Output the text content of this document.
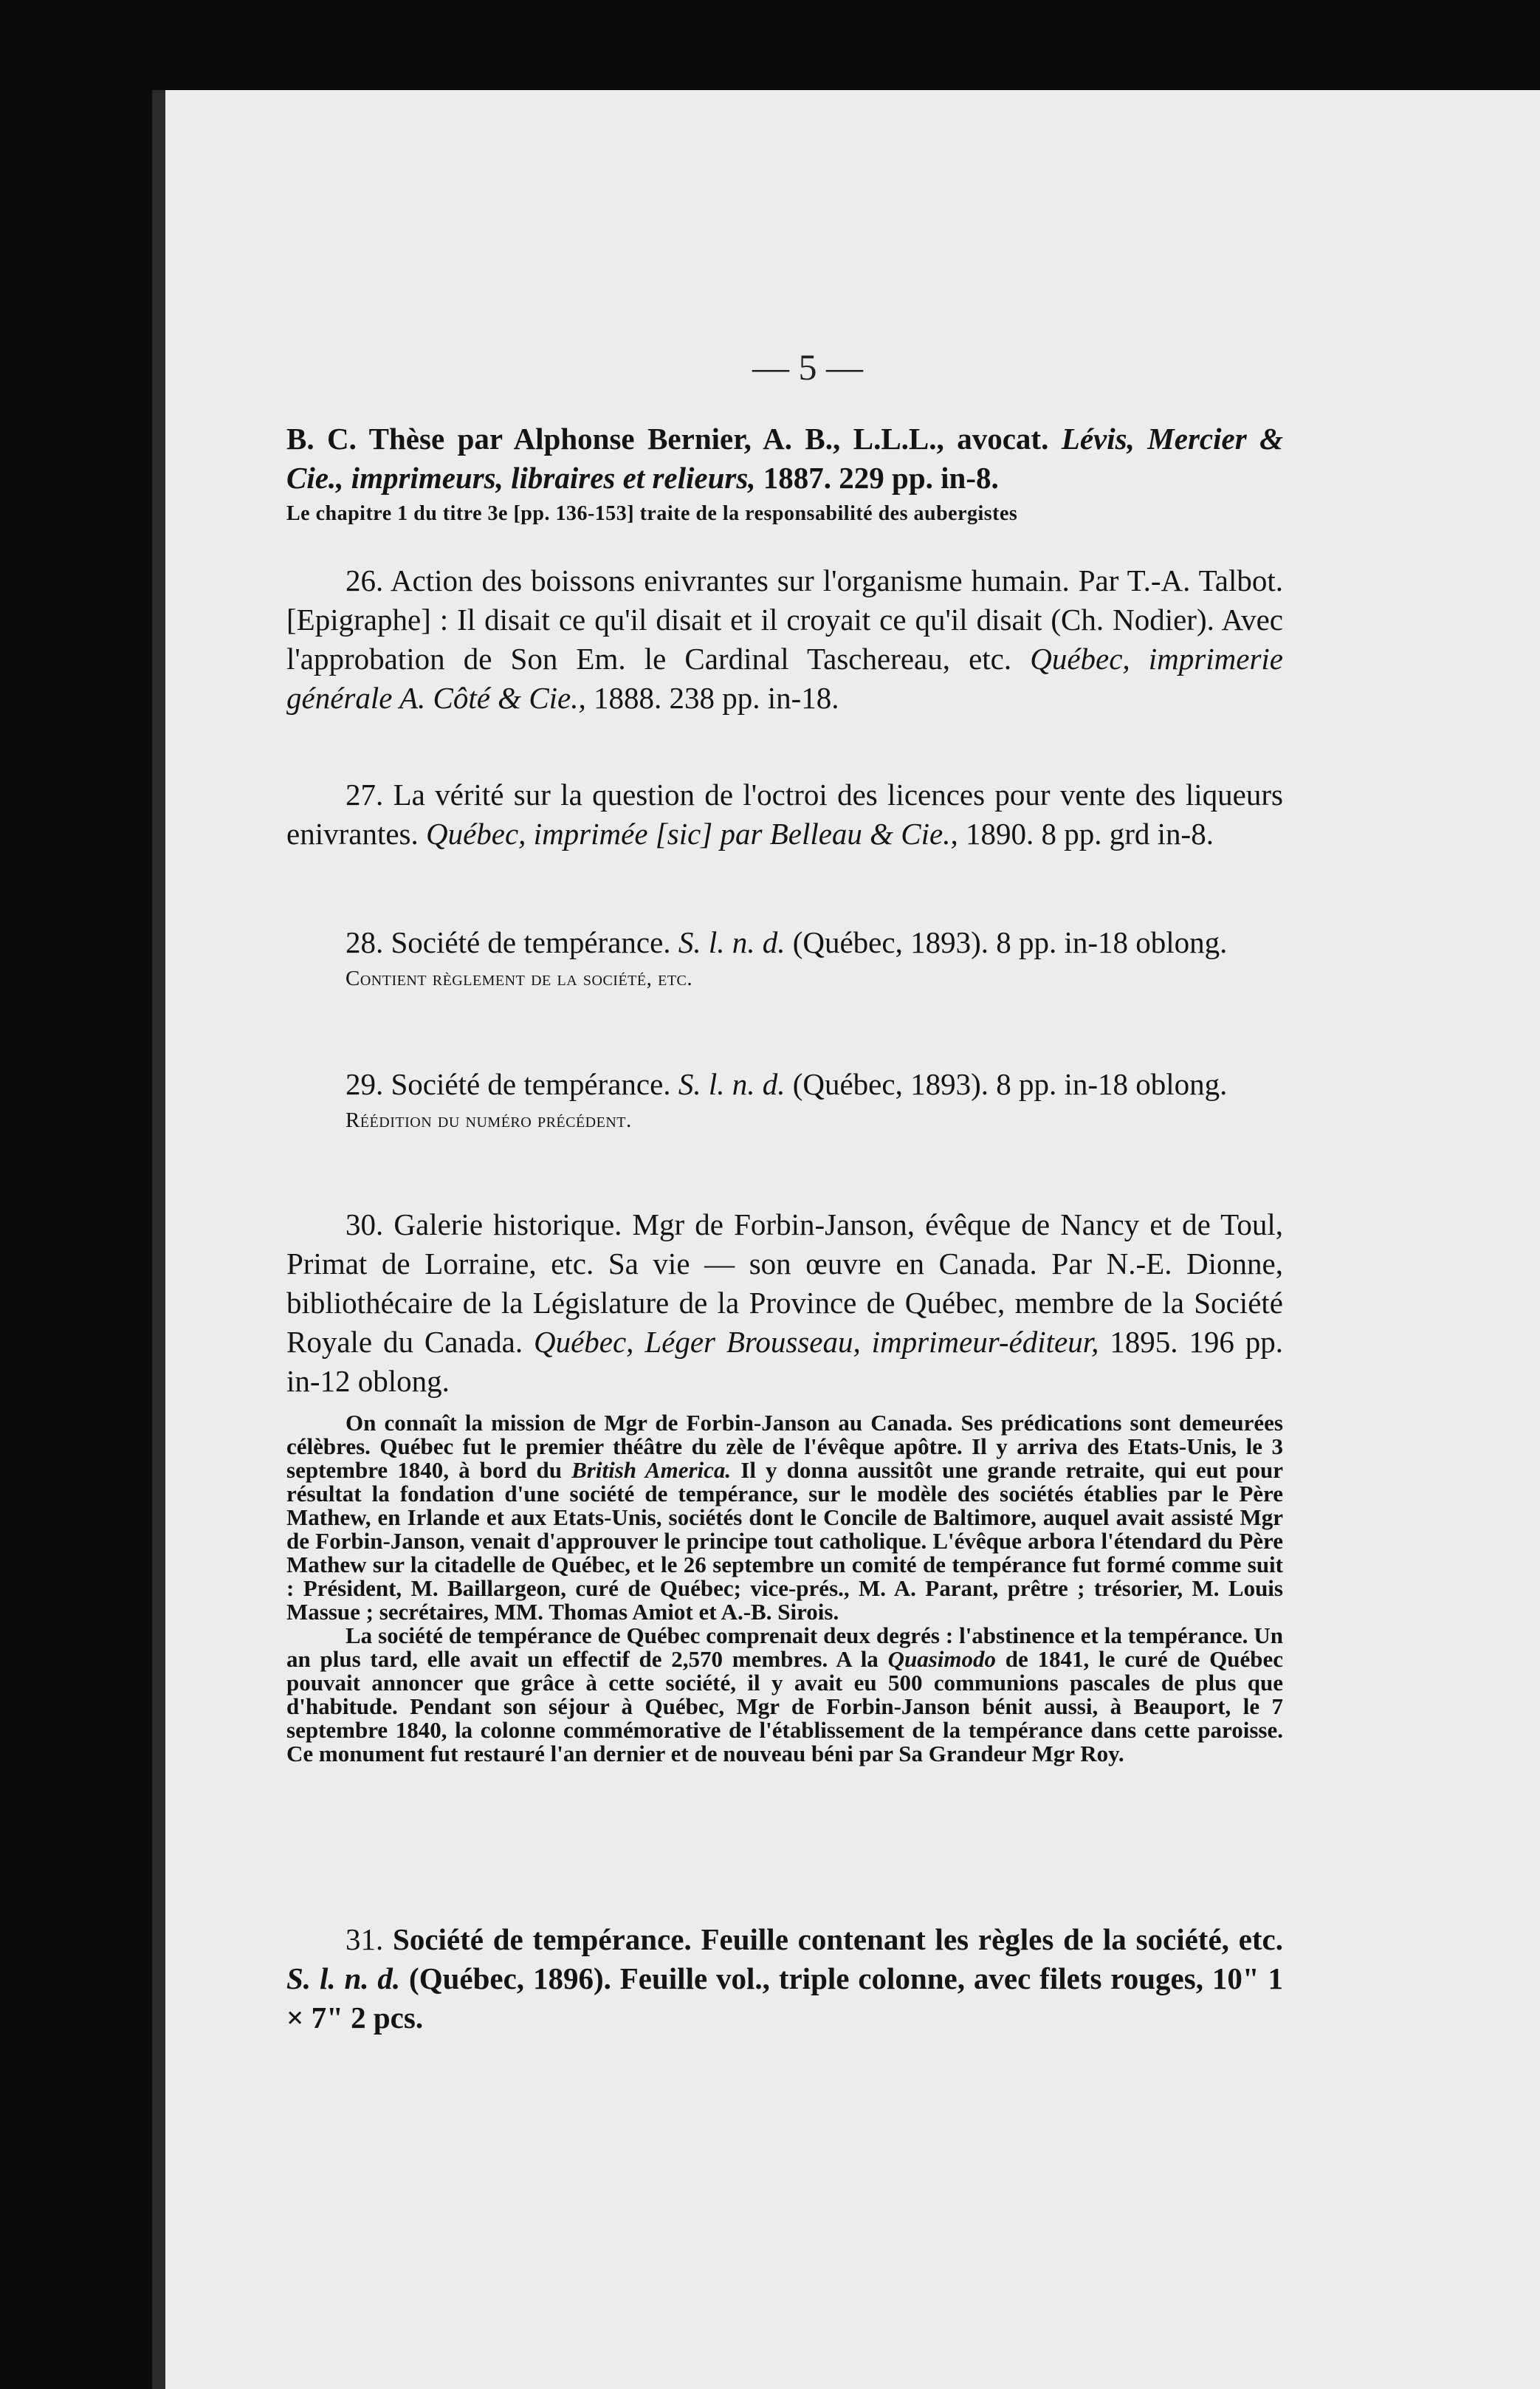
— 5 —

B. C. Thèse par Alphonse Bernier, A. B., L.L.L., avocat. Lévis, Mercier & Cie., imprimeurs, libraires et relieurs, 1887. 229 pp. in-8.

Le chapitre 1 du titre 3e [pp. 136-153] traite de la responsabilité des aubergistes

26. Action des boissons enivrantes sur l'organisme humain. Par T.-A. Talbot. [Epigraphe] : Il disait ce qu'il disait et il croyait ce qu'il disait (Ch. Nodier). Avec l'approbation de Son Em. le Cardinal Taschereau, etc. Québec, imprimerie générale A. Côté & Cie., 1888. 238 pp. in-18.

27. La vérité sur la question de l'octroi des licences pour vente des liqueurs enivrantes. Québec, imprimée [sic] par Belleau & Cie., 1890. 8 pp. grd in-8.

28. Société de tempérance. S. l. n. d. (Québec, 1893). 8 pp. in-18 oblong.

Contient règlement de la société, etc.

29. Société de tempérance. S. l. n. d. (Québec, 1893). 8 pp. in-18 oblong.

Réédition du numéro précédent.

30. Galerie historique. Mgr de Forbin-Janson, évêque de Nancy et de Toul, Primat de Lorraine, etc. Sa vie — son œuvre en Canada. Par N.-E. Dionne, bibliothécaire de la Législature de la Province de Québec, membre de la Société Royale du Canada. Québec, Léger Brousseau, imprimeur-éditeur, 1895. 196 pp. in-12 oblong.

On connaît la mission de Mgr de Forbin-Janson au Canada. Ses prédications sont demeurées célèbres. Québec fut le premier théâtre du zèle de l'évêque apôtre. Il y arriva des Etats-Unis, le 3 septembre 1840, à bord du British America. Il y donna aussitôt une grande retraite, qui eut pour résultat la fondation d'une société de tempérance, sur le modèle des sociétés établies par le Père Mathew, en Irlande et aux Etats-Unis, sociétés dont le Concile de Baltimore, auquel avait assisté Mgr de Forbin-Janson, venait d'approuver le principe tout catholique. L'évêque arbora l'étendard du Père Mathew sur la citadelle de Québec, et le 26 septembre un comité de tempérance fut formé comme suit : Président, M. Baillargeon, curé de Québec; vice-prés., M. A. Parant, prêtre ; trésorier, M. Louis Massue ; secrétaires, MM. Thomas Amiot et A.-B. Sirois.

La société de tempérance de Québec comprenait deux degrés : l'abstinence et la tempérance. Un an plus tard, elle avait un effectif de 2,570 membres. A la Quasimodo de 1841, le curé de Québec pouvait annoncer que grâce à cette société, il y avait eu 500 communions pascales de plus que d'habitude. Pendant son séjour à Québec, Mgr de Forbin-Janson bénit aussi, à Beauport, le 7 septembre 1840, la colonne commémorative de l'établissement de la tempérance dans cette paroisse. Ce monument fut restauré l'an dernier et de nouveau béni par Sa Grandeur Mgr Roy.

31. Société de tempérance. Feuille contenant les règles de la société, etc. S. l. n. d. (Québec, 1896). Feuille vol., triple colonne, avec filets rouges, 10" 1 × 7" 2 pcs.
